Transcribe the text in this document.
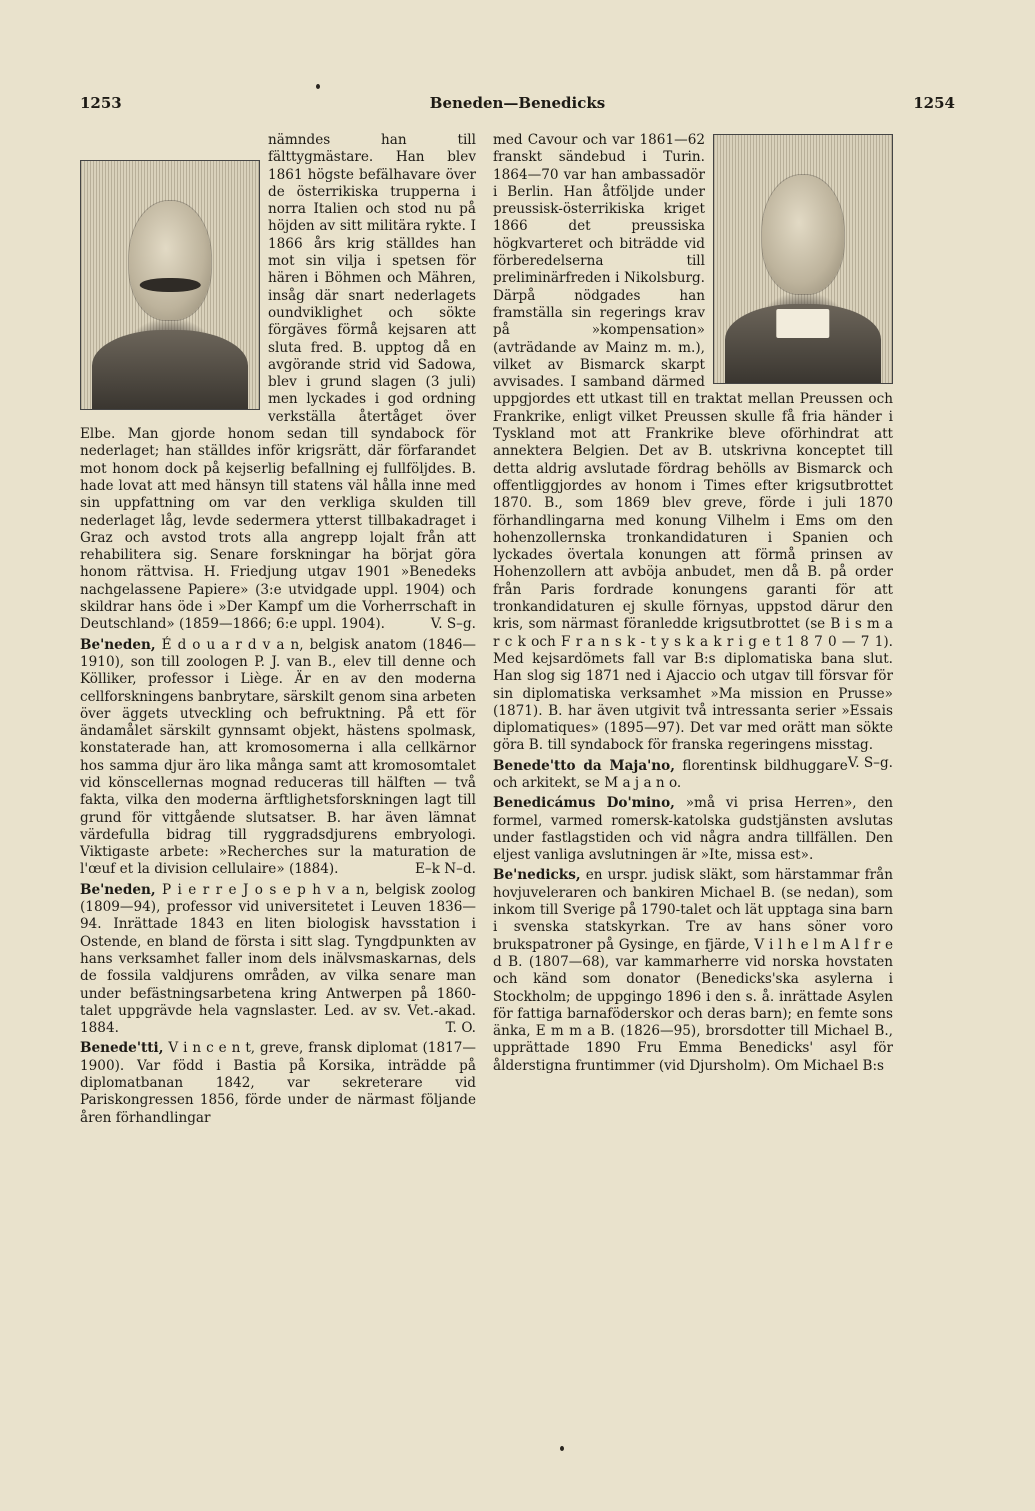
Beneden—Benedicks
1253	1254

nämndes han till fälttygmästare. Han blev 1861 högste befälhavare över de österrikiska trupperna i norra Italien och stod nu på höjden av sitt militära rykte. I 1866 års krig ställdes han mot sin vilja i spetsen för hären i Böhmen och Mähren, insåg där snart nederlagets oundviklighet och sökte förgäves förmå kejsaren att sluta fred. B. upptog då en avgörande strid vid Sadowa, blev i grund slagen (3 juli) men lyckades i god ordning verkställa återtåget över Elbe. Man gjorde honom sedan till syndabock för nederlaget; han ställdes inför krigsrätt, där förfarandet mot honom dock på kejserlig befallning ej fullföljdes. B. hade lovat att med hänsyn till statens väl hålla inne med sin uppfattning om var den verkliga skulden till nederlaget låg, levde sedermera ytterst tillbakadraget i Graz och avstod trots alla angrepp lojalt från att rehabilitera sig. Senare forskningar ha börjat göra honom rättvisa. H. Friedjung utgav 1901 »Benedeks nachgelassene Papiere» (3:e utvidgade uppl. 1904) och skildrar hans öde i »Der Kampf um die Vorherrschaft in Deutschland» (1859—1866; 6:e uppl. 1904).	V. S–g.

Be'neden, É d o u a r d v a n, belgisk anatom (1846—1910), son till zoologen P. J. van B., elev till denne och Kölliker, professor i Liège. Är en av den moderna cellforskningens banbrytare, särskilt genom sina arbeten över äggets utveckling och befruktning. På ett för ändamålet särskilt gynnsamt objekt, hästens spolmask, konstaterade han, att kromosomerna i alla cellkärnor hos samma djur äro lika många samt att kromosomtalet vid könscellernas mognad reduceras till hälften — två fakta, vilka den moderna ärftlighetsforskningen lagt till grund för vittgående slutsatser. B. har även lämnat värdefulla bidrag till ryggradsdjurens embryologi. Viktigaste arbete: »Recherches sur la maturation de l'œuf et la division cellulaire» (1884).	E–k N–d.

Be'neden, P i e r r e J o s e p h v a n, belgisk zoolog (1809—94), professor vid universitetet i Leuven 1836—94. Inrättade 1843 en liten biologisk havsstation i Ostende, en bland de första i sitt slag. Tyngdpunkten av hans verksamhet faller inom dels inälvsmaskarnas, dels de fossila valdjurens områden, av vilka senare man under befästningsarbetena kring Antwerpen på 1860-talet uppgrävde hela vagnslaster. Led. av sv. Vet.-akad. 1884.	T. O.

Benede'tti, V i n c e n t, greve, fransk diplomat (1817—1900). Var född i Bastia på Korsika, inträdde på diplomatbanan 1842, var sekreterare vid Pariskongressen 1856, förde under de närmast följande åren förhandlingar

med Cavour och var 1861—62 franskt sändebud i Turin. 1864—70 var han ambassadör i Berlin. Han åtföljde under preussisk-österrikiska kriget 1866 det preussiska högkvarteret och biträdde vid förberedelserna till preliminärfreden i Nikolsburg. Därpå nödgades han framställa sin regerings krav på »kompensation» (avträdande av Mainz m. m.), vilket av Bismarck skarpt avvisades. I samband därmed uppgjordes ett utkast till en traktat mellan Preussen och Frankrike, enligt vilket Preussen skulle få fria händer i Tyskland mot att Frankrike bleve oförhindrat att annektera Belgien. Det av B. utskrivna konceptet till detta aldrig avslutade fördrag behölls av Bismarck och offentliggjordes av honom i Times efter krigsutbrottet 1870. B., som 1869 blev greve, förde i juli 1870 förhandlingarna med konung Vilhelm i Ems om den hohenzollernska tronkandidaturen i Spanien och lyckades övertala konungen att förmå prinsen av Hohenzollern att avböja anbudet, men då B. på order från Paris fordrade konungens garanti för att tronkandidaturen ej skulle förnyas, uppstod därur den kris, som närmast föranledde krigsutbrottet (se B i s m a r c k och F r a n s k - t y s k a k r i g e t 1 8 7 0 — 7 1). Med kejsardömets fall var B:s diplomatiska bana slut. Han slog sig 1871 ned i Ajaccio och utgav till försvar för sin diplomatiska verksamhet »Ma mission en Prusse» (1871). B. har även utgivit två intressanta serier »Essais diplomatiques» (1895—97). Det var med orätt man sökte göra B. till syndabock för franska regeringens misstag.
V. S–g.

Benede'tto da Maja'no, florentinsk bildhuggare och arkitekt, se M a j a n o.

Benedicámus Do'mino, »må vi prisa Herren», den formel, varmed romersk-katolska gudstjänsten avslutas under fastlagstiden och vid några andra tillfällen. Den eljest vanliga avslutningen är »Ite, missa est».

Be'nedicks, en urspr. judisk släkt, som härstammar från hovjuveleraren och bankiren Michael B. (se nedan), som inkom till Sverige på 1790-talet och lät upptaga sina barn i svenska statskyrkan. Tre av hans söner voro brukspatroner på Gysinge, en fjärde, V i l h e l m A l f r e d B. (1807—68), var kammarherre vid norska hovstaten och känd som donator (Benedicks'ska asylerna i Stockholm; de uppgingo 1896 i den s. å. inrättade Asylen för fattiga barnaföderskor och deras barn); en femte sons änka, E m m a B. (1826—95), brorsdotter till Michael B., upprättade 1890 Fru Emma Benedicks' asyl för ålderstigna fruntimmer (vid Djursholm). Om Michael B:s
